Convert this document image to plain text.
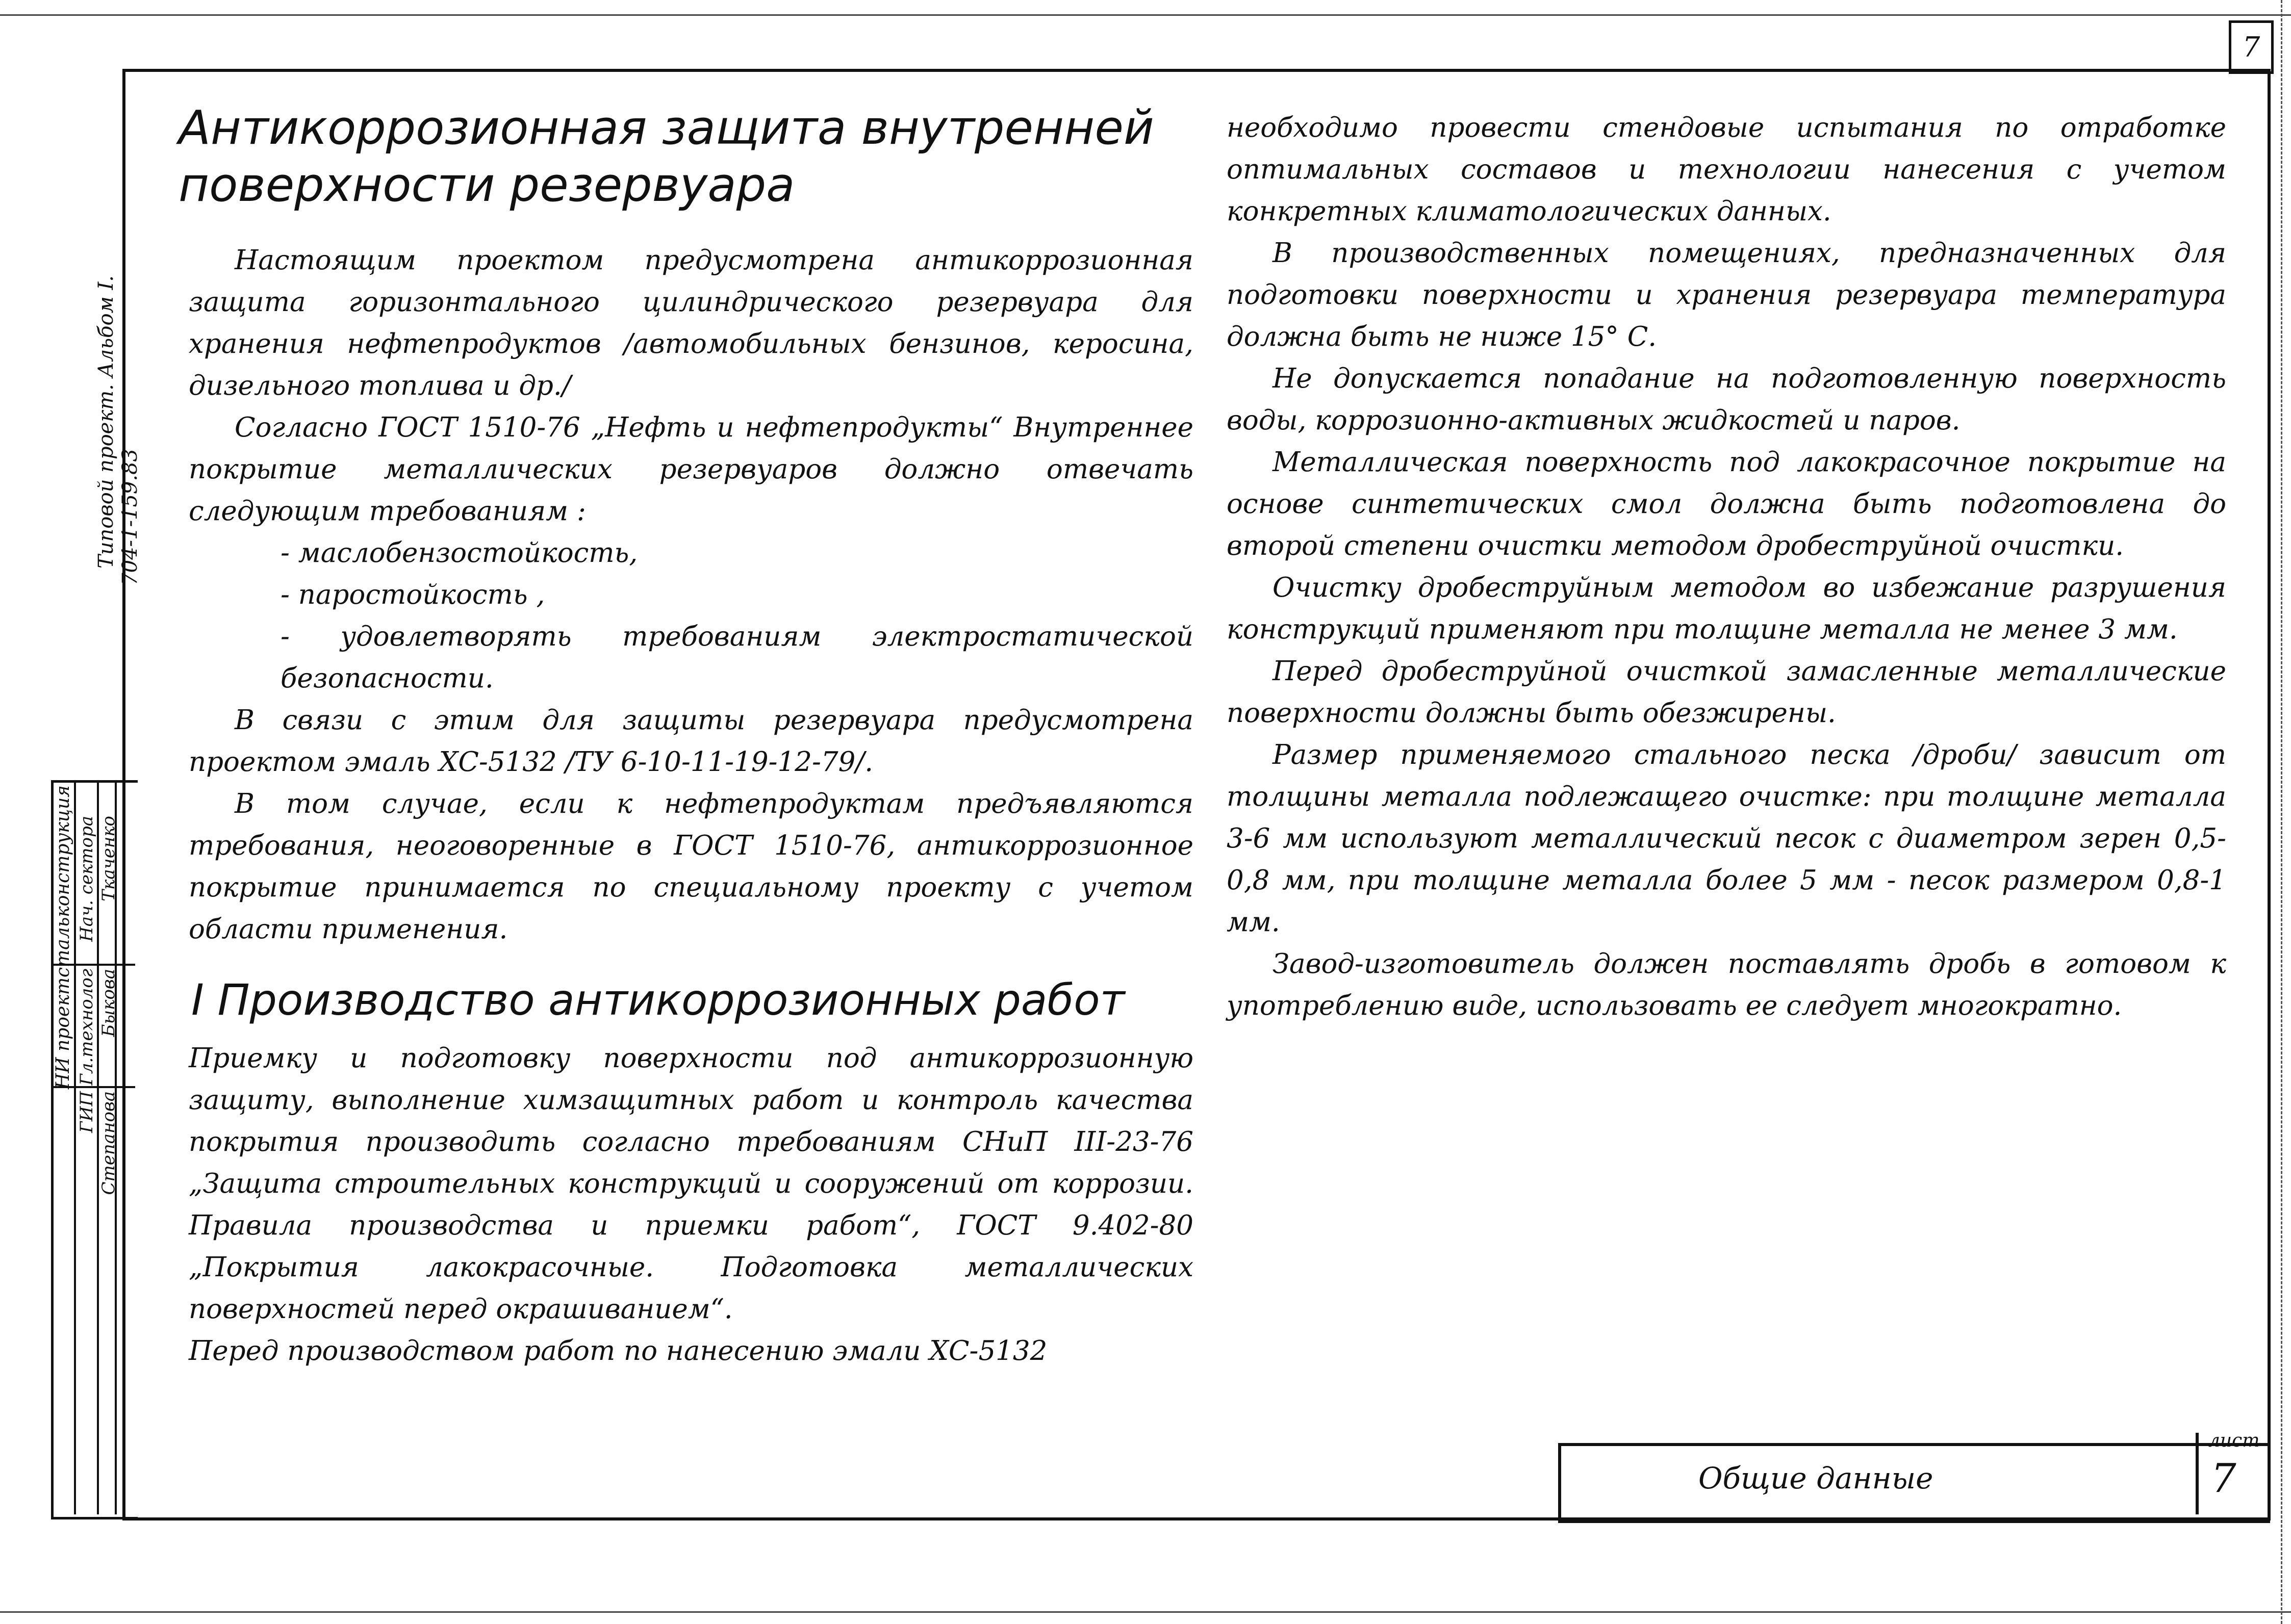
7
Типовой проект. Альбом I. 704-1-159.83
НИ проектстальконструкция
ГИП
Гл.технолог
Нач. сектора
Степанова
Быкова
Ткаченко
Антикоррозионная защита внутренней поверхности резервуара

Настоящим проектом предусмотрена антикоррозионная защита горизонтального цилиндрического резервуара для хранения нефтепродуктов /автомобильных бензинов, керосина, дизельного топлива и др./

Согласно ГОСТ 1510-76 „Нефть и нефтепродукты“ Внутреннее покрытие металлических резервуаров должно отвечать следующим требованиям :

- маслобензостойкость,
- паростойкость ,
- удовлетворять требованиям электростатической безопасности.

В связи с этим для защиты резервуара предусмотрена проектом эмаль ХС-5132 /ТУ 6-10-11-19-12-79/.

В том случае, если к нефтепродуктам предъявляются требования, неоговоренные в ГОСТ 1510-76, антикоррозионное покрытие принимается по специальному проекту с учетом области применения.

I Производство антикоррозионных работ

Приемку и подготовку поверхности под антикоррозионную защиту, выполнение химзащитных работ и контроль качества покрытия производить согласно требованиям СНиП III-23-76 „Защита строительных конструкций и сооружений от коррозии. Правила производства и приемки работ“, ГОСТ 9.402-80 „Покрытия лакокрасочные. Подготовка металлических поверхностей перед окрашиванием“.

Перед производством работ по нанесению эмали ХС-5132

необходимо провести стендовые испытания по отработке оптимальных составов и технологии нанесения с учетом конкретных климатологических данных.

В производственных помещениях, предназначенных для подготовки поверхности и хранения резервуара температура должна быть не ниже 15° С.

Не допускается попадание на подготовленную поверхность воды, коррозионно-активных жидкостей и паров.

Металлическая поверхность под лакокрасочное покрытие на основе синтетических смол должна быть подготовлена до второй степени очистки методом дробеструйной очистки.

Очистку дробеструйным методом во избежание разрушения конструкций применяют при толщине металла не менее 3 мм.

Перед дробеструйной очисткой замасленные металлические поверхности должны быть обезжирены.

Размер применяемого стального песка /дроби/ зависит от толщины металла подлежащего очистке: при толщине металла 3-6 мм используют металлический песок с диаметром зерен 0,5-0,8 мм, при толщине металла более 5 мм - песок размером 0,8-1 мм.

Завод-изготовитель должен поставлять дробь в готовом к употреблению виде, использовать ее следует многократно.

Общие данные
лист
7
